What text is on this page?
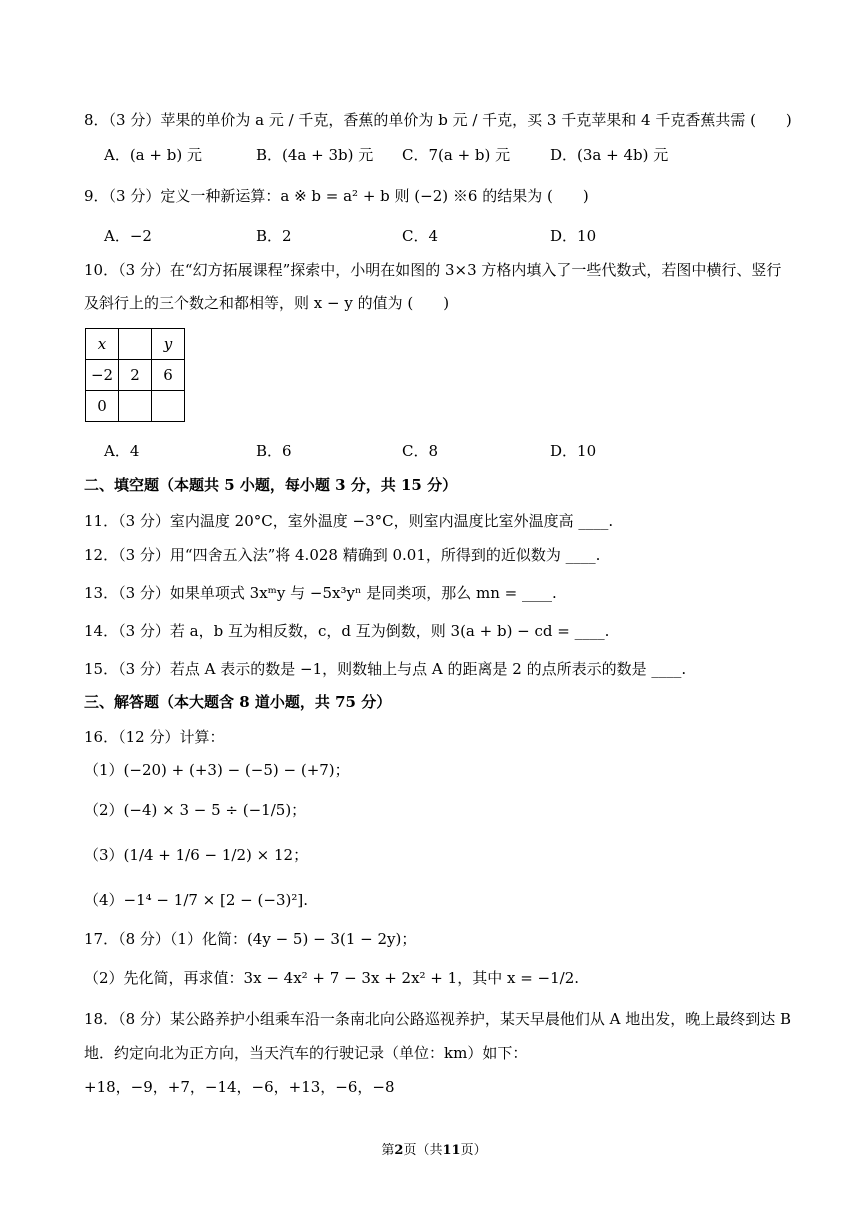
8．（3 分）苹果的单价为 a 元 / 千克，香蕉的单价为 b 元 / 千克，买 3 千克苹果和 4 千克香蕉共需 (　　)
A．(a + b) 元	B．(4a + 3b) 元 C．7(a + b) 元	D．(3a + 4b) 元
9．（3 分）定义一种新运算：a ※ b = a² + b 则 (−2) ※6 的结果为 (　　)
A．−2	B．2	C．4	D．10
10．（3 分）在“幻方拓展课程”探索中，小明在如图的 3×3 方格内填入了一些代数式，若图中横行、竖行
及斜行上的三个数之和都相等，则 x − y 的值为 (　　)
x		y
−2	2	6
0		
A．4	B．6	C．8	D．10
二、填空题（本题共 5 小题，每小题 3 分，共 15 分）
11．（3 分）室内温度 20°C，室外温度 −3°C，则室内温度比室外温度高 ____.
12．（3 分）用“四舍五入法”将 4.028 精确到 0.01，所得到的近似数为 ____.
13．（3 分）如果单项式 3xᵐy 与 −5x³yⁿ 是同类项，那么 mn = ____.
14．（3 分）若 a，b 互为相反数，c，d 互为倒数，则 3(a + b) − cd = ____.
15．（3 分）若点 A 表示的数是 −1，则数轴上与点 A 的距离是 2 的点所表示的数是 ____.
三、解答题（本大题含 8 道小题，共 75 分）
16．（12 分）计算：
（1）(−20) + (+3) − (−5) − (+7)；
（2）(−4) × 3 − 5 ÷ (−1/5)；
（3）(1/4 + 1/6 − 1/2) × 12；
（4）−1⁴ − 1/7 × [2 − (−3)²].
17．（8 分）（1）化简：(4y − 5) − 3(1 − 2y)；
（2）先化简，再求值：3x − 4x² + 7 − 3x + 2x² + 1，其中 x = −1/2.
18．（8 分）某公路养护小组乘车沿一条南北向公路巡视养护，某天早晨他们从 A 地出发，晚上最终到达 B
地．约定向北为正方向，当天汽车的行驶记录（单位：km）如下：
+18，−9，+7，−14，−6，+13，−6，−8
第2页（共11页）
